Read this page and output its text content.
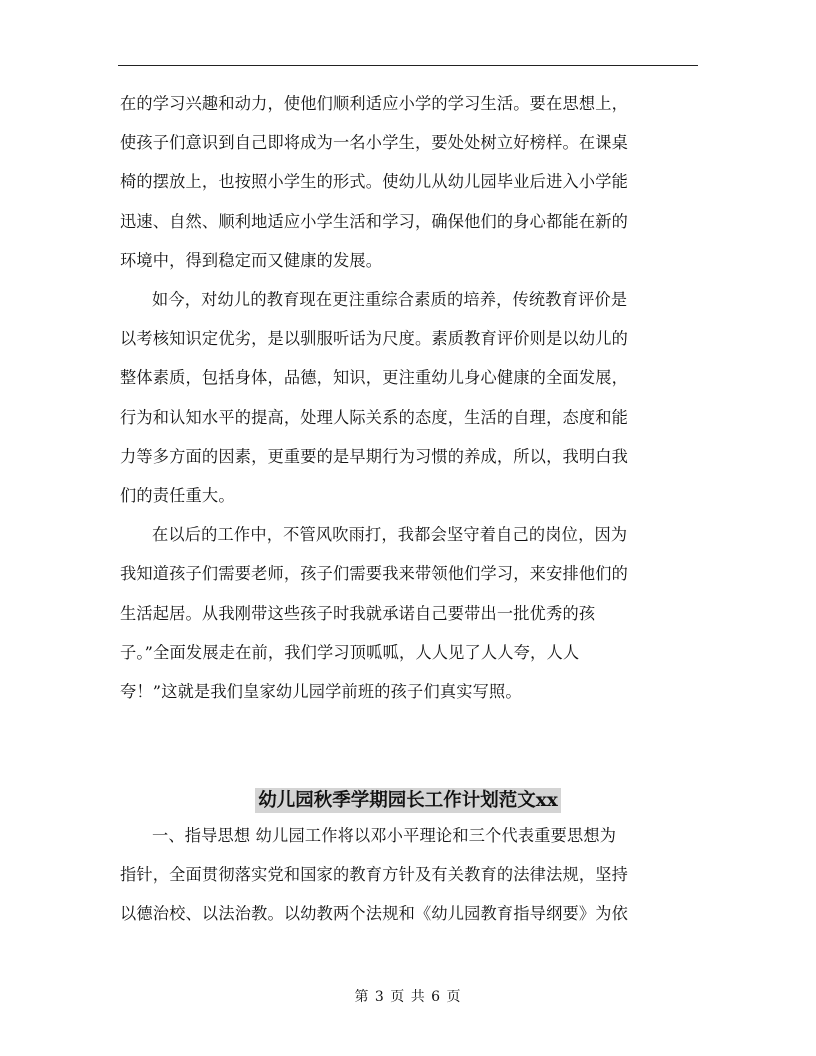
在的学习兴趣和动力，使他们顺利适应小学的学习生活。要在思想上，
使孩子们意识到自己即将成为一名小学生，要处处树立好榜样。在课桌
椅的摆放上，也按照小学生的形式。使幼儿从幼儿园毕业后进入小学能
迅速、自然、顺利地适应小学生活和学习，确保他们的身心都能在新的
环境中，得到稳定而又健康的发展。
如今，对幼儿的教育现在更注重综合素质的培养，传统教育评价是
以考核知识定优劣，是以驯服听话为尺度。素质教育评价则是以幼儿的
整体素质，包括身体，品德，知识，更注重幼儿身心健康的全面发展，
行为和认知水平的提高，处理人际关系的态度，生活的自理，态度和能
力等多方面的因素，更重要的是早期行为习惯的养成，所以，我明白我
们的责任重大。
在以后的工作中，不管风吹雨打，我都会坚守着自己的岗位，因为
我知道孩子们需要老师，孩子们需要我来带领他们学习，来安排他们的
生活起居。从我刚带这些孩子时我就承诺自己要带出一批优秀的孩
子。”全面发展走在前，我们学习顶呱呱，人人见了人人夸，人人
夸！”这就是我们皇家幼儿园学前班的孩子们真实写照。
幼儿园秋季学期园长工作计划范文xx
一、指导思想 幼儿园工作将以邓小平理论和三个代表重要思想为
指针，全面贯彻落实党和国家的教育方针及有关教育的法律法规，坚持
以德治校、以法治教。以幼教两个法规和《幼儿园教育指导纲要》为依
第 3 页 共 6 页
